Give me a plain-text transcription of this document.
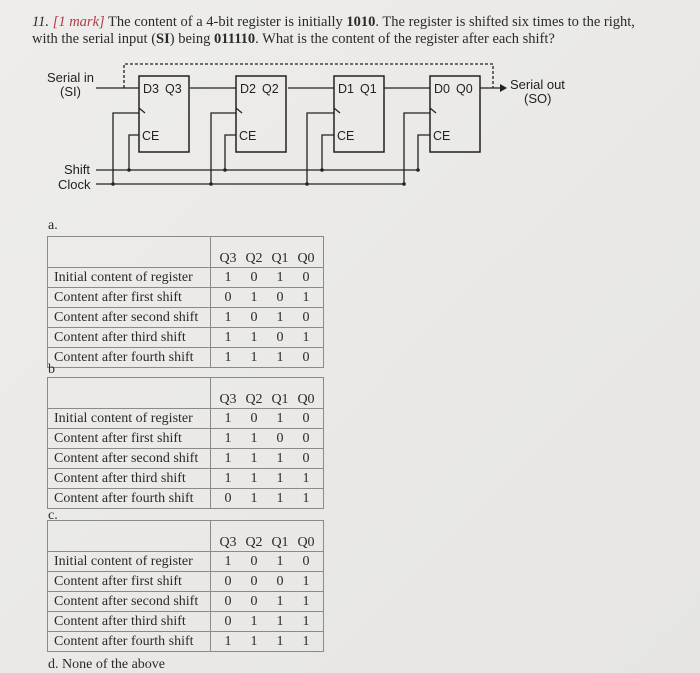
11. [1 mark] The content of a 4-bit register is initially 1010. The register is shifted six times to the right, with the serial input (SI) being 011110. What is the content of the register after each shift?
D3 Q3
CE
D2 Q2
CE
D1 Q1
CE
D0 Q0
CE
Serial in
(SI)	Serial out
(SO)
Shift
Clock
a.

	Q3 Q2 Q1 Q0

Initial content of register	1 0 1 0

Content after first shift	0 1 0 1

Content after second shift	1 0 1 0

Content after third shift	1 1 0 1

Content after fourth shift	1 1 1 0
b

	Q3 Q2 Q1 Q0

Initial content of register	1 0 1 0

Content after first shift	1 1 0 0

Content after second shift	1 1 1 0

Content after third shift	1 1 1 1

Content after fourth shift	0 1 1 1
c.

	Q3 Q2 Q1 Q0

Initial content of register	1 0 1 0

Content after first shift	0 0 0 1

Content after second shift	0 0 1 1

Content after third shift	0 1 1 1

Content after fourth shift	1 1 1 1
d. None of the above
